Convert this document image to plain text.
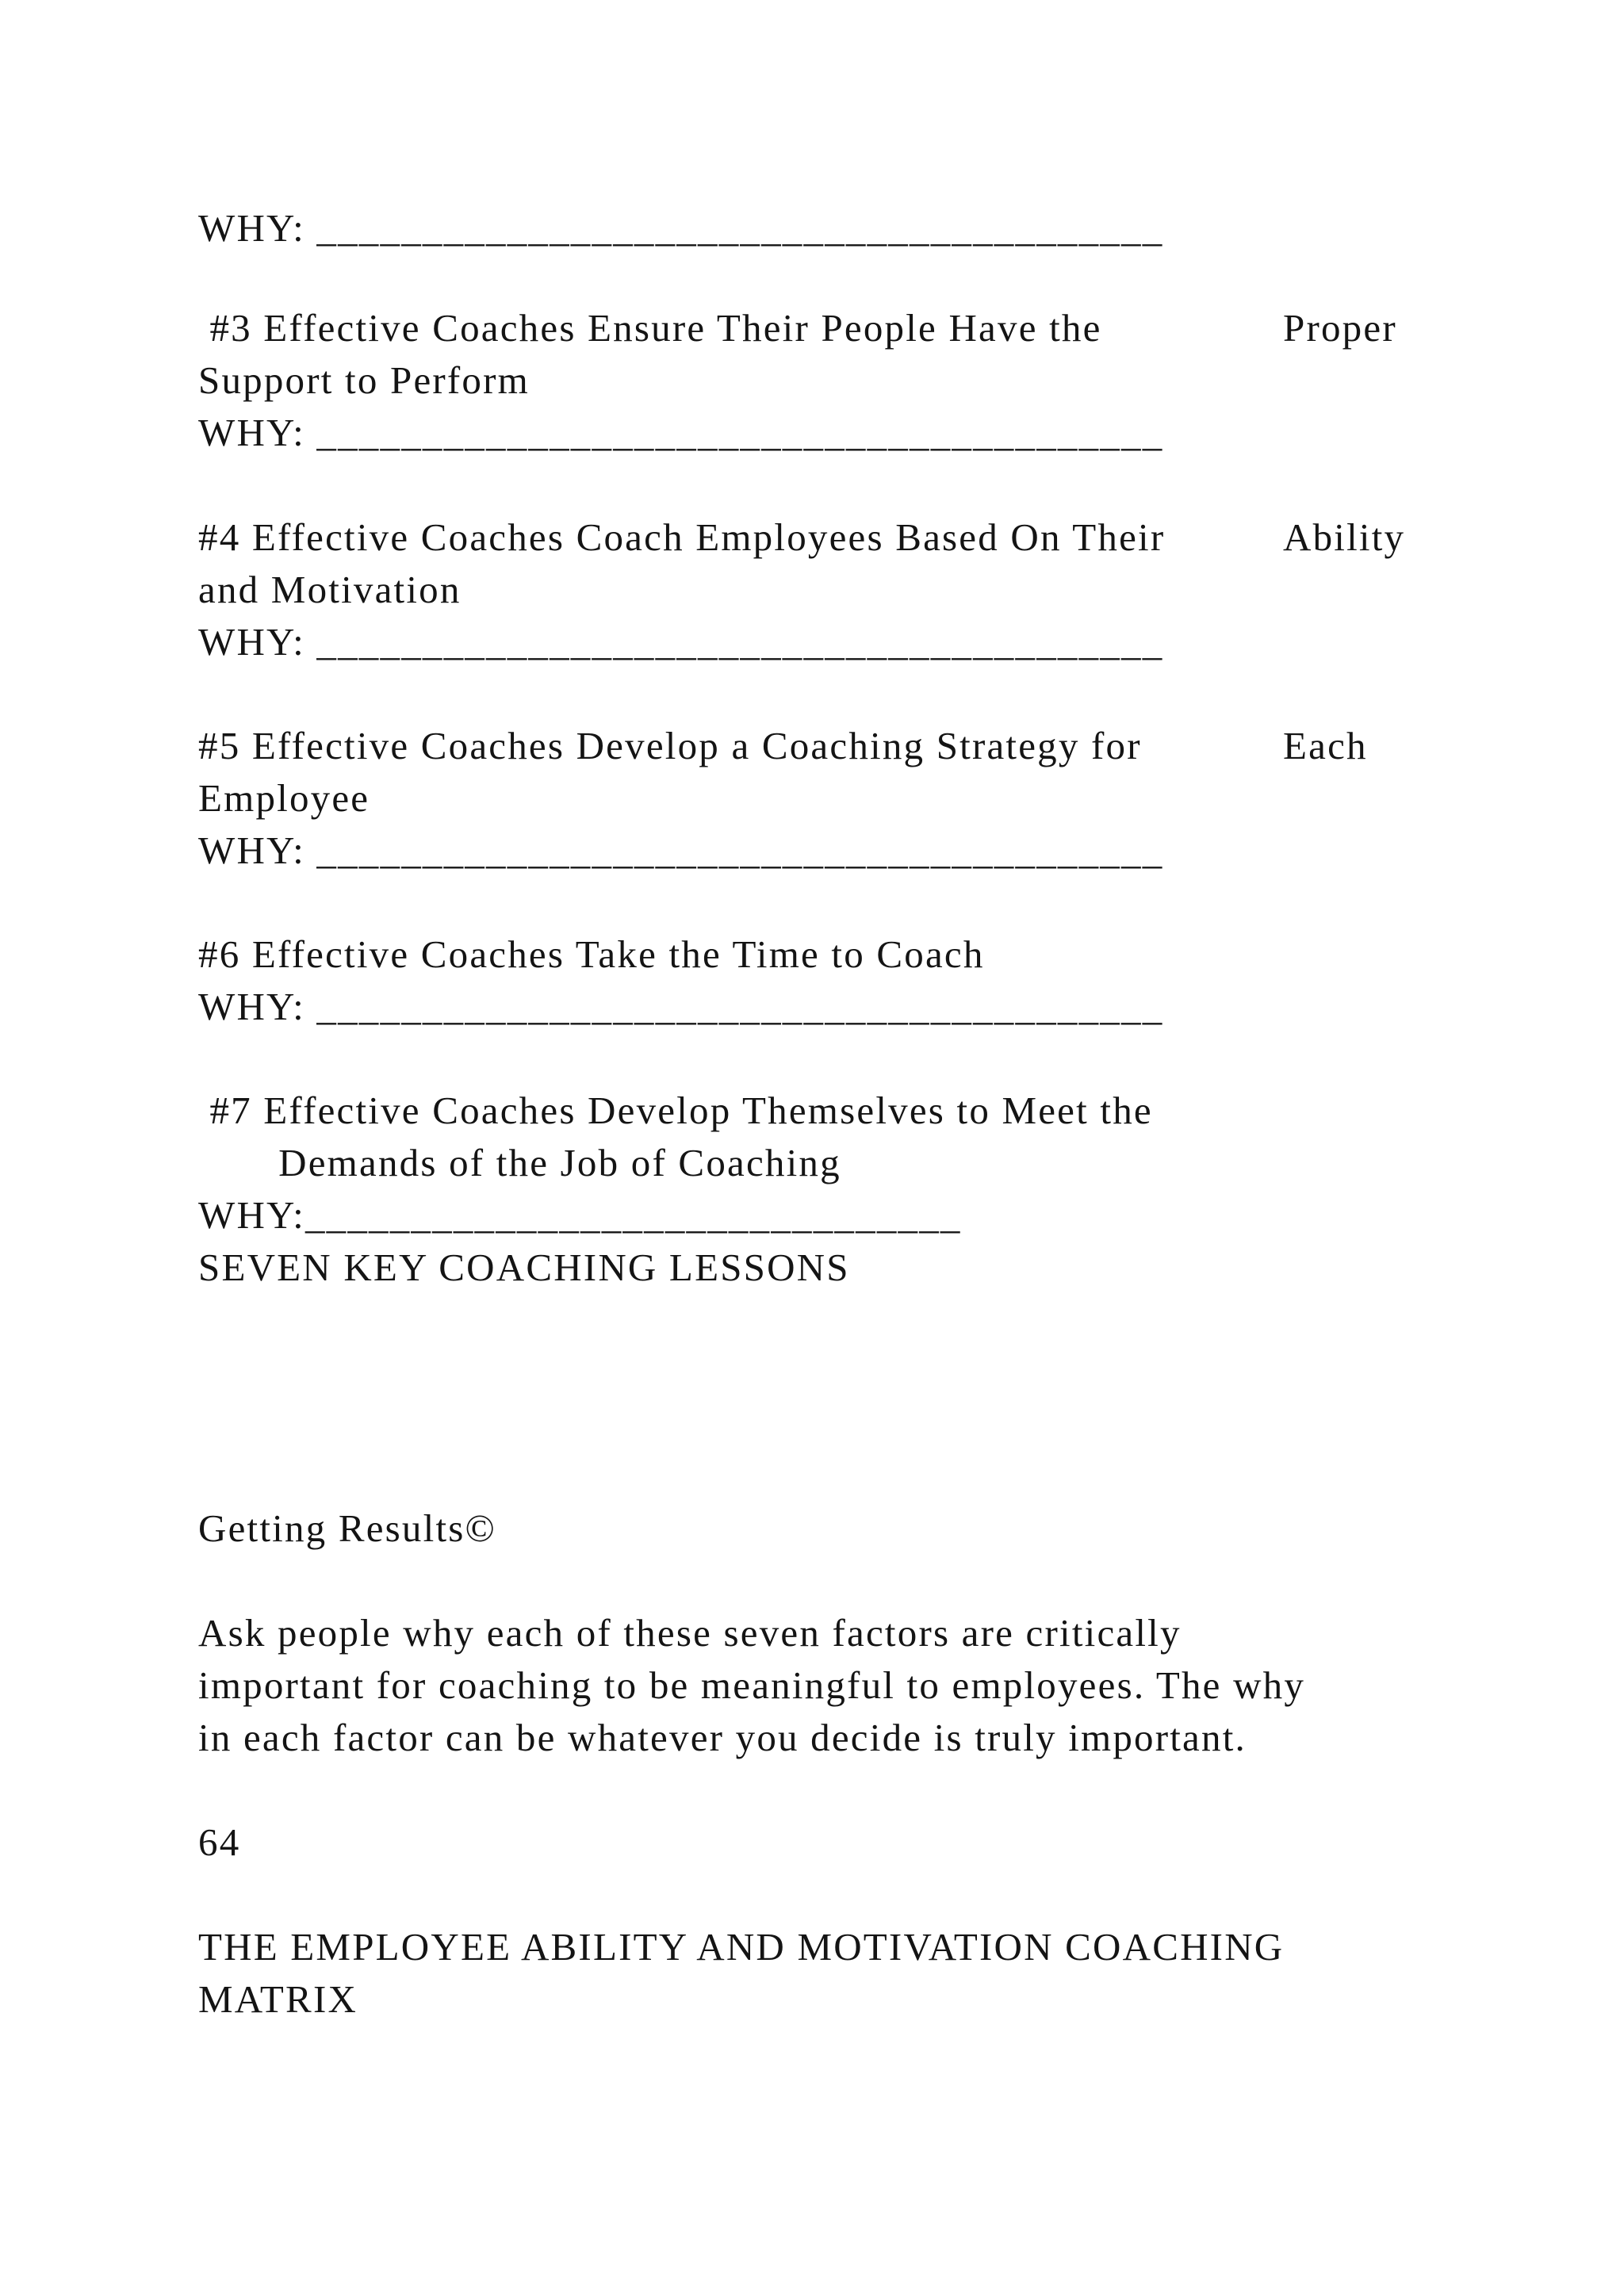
WHY: ________________________________________
#3 Effective Coaches Ensure Their People Have the	Proper
Support to Perform
WHY: ________________________________________
#4 Effective Coaches Coach Employees Based On Their	Ability
and Motivation
WHY: ________________________________________
#5 Effective Coaches Develop a Coaching Strategy for	Each
Employee
WHY: ________________________________________
#6 Effective Coaches Take the Time to Coach
WHY: ________________________________________
#7 Effective Coaches Develop Themselves to Meet the
Demands of the Job of Coaching
WHY:_______________________________
SEVEN KEY COACHING LESSONS
Getting Results©
Ask people why each of these seven factors are critically
important for coaching to be meaningful to employees. The why
in each factor can be whatever you decide is truly important.
64
THE EMPLOYEE ABILITY AND MOTIVATION COACHING
MATRIX
